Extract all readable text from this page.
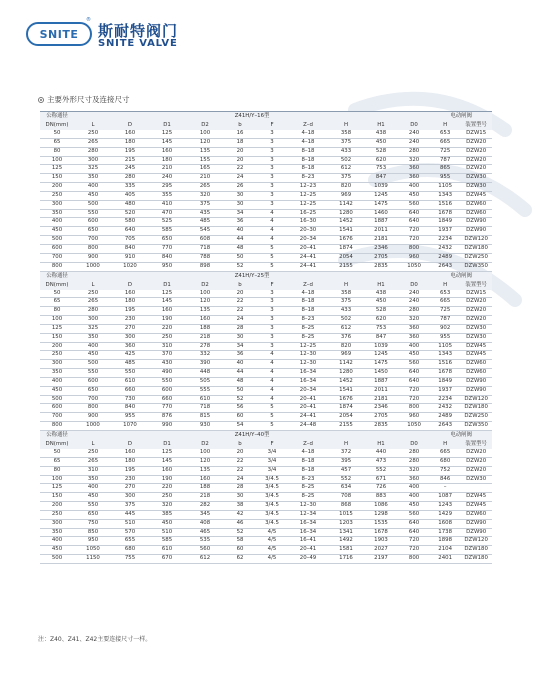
SNITE
®
斯耐特阀门
SNITE VALVE
主要外形尺寸及连接尺寸
公称通径
DN(mm)	Z41H/Y–16型										电动闸阀	
	L	D	D1	D2	b	F	Z–d	H	H1	D0	H	装置型号
50	250	160	125	100	16	3	4–18	358	438	240	653	DZW15
65	265	180	145	120	18	3	4–18	375	450	240	665	DZW20
80	280	195	160	135	20	3	8–18	433	528	280	725	DZW20
100	300	215	180	155	20	3	8–18	502	620	320	787	DZW20
125	325	245	210	165	22	3	8–18	612	753	360	865	DZW20
150	350	280	240	210	24	3	8–23	375	847	360	955	DZW30
200	400	335	295	265	26	3	12–23	820	1039	400	1105	DZW30
250	450	405	355	320	30	3	12–25	969	1245	450	1343	DZW45
300	500	480	410	375	30	3	12–25	1142	1475	560	1516	DZW60
350	550	520	470	435	34	4	16–25	1280	1460	640	1678	DZW60
400	600	580	525	485	36	4	16–30	1452	1887	640	1849	DZW90
450	650	640	585	545	40	4	20–30	1541	2011	720	1937	DZW90
500	700	705	650	608	44	4	20–34	1676	2181	720	2234	DZW120
600	800	840	770	718	48	5	20–41	1874	2346	800	2432	DZW180
700	900	910	840	788	50	5	24–41	2054	2705	960	2489	DZW250
800	1000	1020	950	898	52	5	24–41	2155	2835	1050	2643	DZW350
公称通径
DN(mm)	Z41H/Y–25型										电动闸阀	
	L	D	D1	D2	b	F	Z–d	H	H1	D0	H	装置型号
50	250	160	125	100	20	3	4–18	358	438	240	653	DZW15
65	265	180	145	120	22	3	8–18	375	450	240	665	DZW20
80	280	195	160	135	22	3	8–18	433	528	280	725	DZW20
100	300	230	190	160	24	3	8–23	502	620	320	787	DZW20
125	325	270	220	188	28	3	8–25	612	753	360	902	DZW30
150	350	300	250	218	30	3	8–25	376	847	360	955	DZW30
200	400	360	310	278	34	3	12–25	820	1039	400	1105	DZW45
250	450	425	370	332	36	4	12–30	969	1245	450	1343	DZW45
300	500	485	430	390	40	4	12–30	1142	1475	560	1516	DZW60
350	550	550	490	448	44	4	16–34	1280	1450	640	1678	DZW60
400	600	610	550	505	48	4	16–34	1452	1887	640	1849	DZW90
450	650	660	600	555	50	4	20–34	1541	2011	720	1937	DZW90
500	700	730	660	610	52	4	20–41	1676	2181	720	2234	DZW120
600	800	840	770	718	56	5	20–41	1874	2346	800	2432	DZW180
700	900	955	876	815	60	5	24–41	2054	2705	960	2489	DZW250
800	1000	1070	990	930	54	5	24–48	2155	2835	1050	2643	DZW350
公称通径
DN(mm)	Z41H/Y–40型										电动闸阀	
	L	D	D1	D2	b	F	Z–d	H	H1	D0	H	装置型号
50	250	160	125	100	20	3/4	4–18	372	440	280	665	DZW20
65	265	180	145	120	22	3/4	8–18	395	473	280	680	DZW20
80	310	195	160	135	22	3/4	8–18	457	552	320	752	DZW20
100	350	230	190	160	24	3/4.5	8–23	552	671	360	846	DZW30
125	400	270	220	188	28	3/4.5	8–25	634	726	400	–	
150	450	300	250	218	30	3/4.5	8–25	708	883	400	1087	DZW45
200	550	375	320	282	38	3/4.5	12–30	868	1086	450	1243	DZW45
250	650	445	385	345	42	3/4.5	12–34	1015	1298	560	1429	DZW60
300	750	510	450	408	46	3/4.5	16–34	1203	1535	640	1608	DZW90
350	850	570	510	465	52	4/5	16–34	1341	1678	640	1738	DZW90
400	950	655	585	535	58	4/5	16–41	1492	1903	720	1898	DZW120
450	1050	680	610	560	60	4/5	20–41	1581	2027	720	2104	DZW180
500	1150	755	670	612	62	4/5	20–49	1716	2197	800	2401	DZW180
注：Z40、Z41、Z42主要连接尺寸一样。
